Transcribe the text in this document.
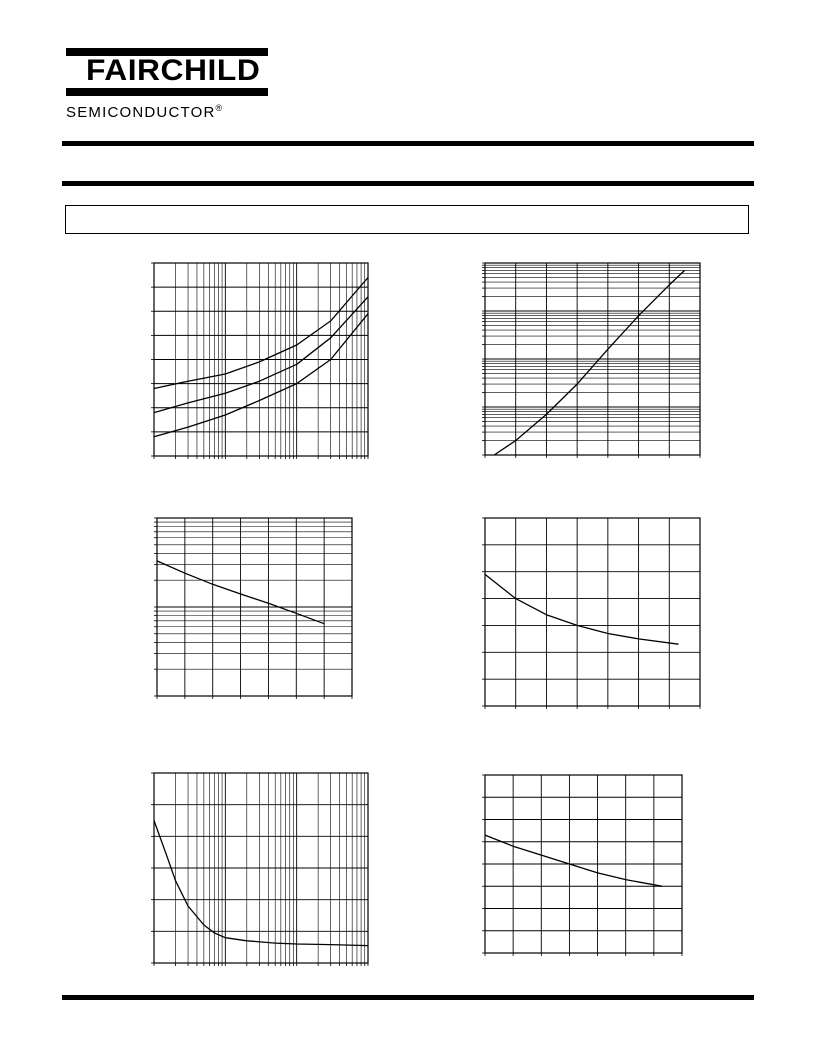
FAIRCHILD
SEMICONDUCTOR®
